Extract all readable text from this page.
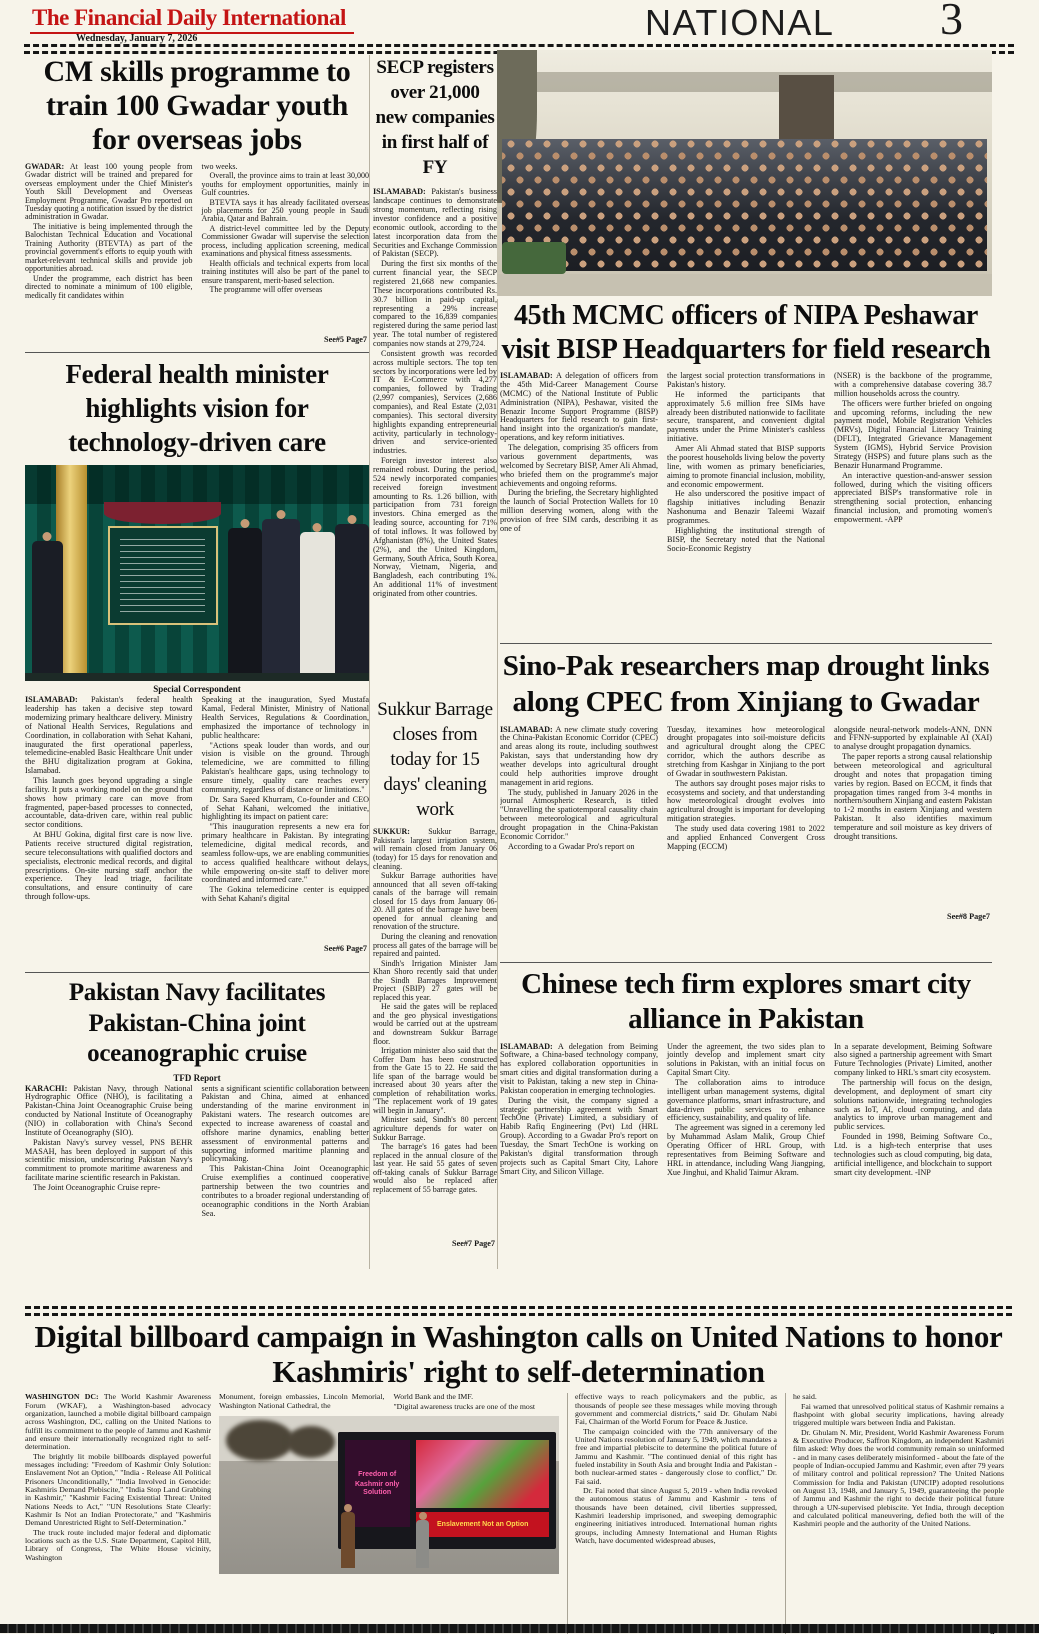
The Financial Daily International
Wednesday, January 7, 2026	NATIONAL 3
CM skills programme to train 100 Gwadar youth for overseas jobs

GWADAR: At least 100 young people from Gwadar district will be trained and prepared for overseas employment under the Chief Minister's Youth Skill Development and Overseas Employment Programme, Gwadar Pro reported on Tuesday quoting a notification issued by the district administration in Gwadar.

The initiative is being implemented through the Balochistan Technical Education and Vocational Training Authority (BTEVTA) as part of the provincial government's efforts to equip youth with market-relevant technical skills and provide job opportunities abroad.

Under the programme, each district has been directed to nominate a minimum of 100 eligible, medically fit candidates within

two weeks.

Overall, the province aims to train at least 30,000 youths for employment opportunities, mainly in Gulf countries.

BTEVTA says it has already facilitated overseas job placements for 250 young people in Saudi Arabia, Qatar and Bahrain.

A district-level committee led by the Deputy Commissioner Gwadar will supervise the selection process, including application screening, medical examinations and physical fitness assessments.

Health officials and technical experts from local training institutes will also be part of the panel to ensure transparent, merit-based selection.

The programme will offer overseas

See#5 Page7
SECP registers over 21,000 new companies in first half of FY

ISLAMABAD: Pakistan's business landscape continues to demonstrate strong momentum, reflecting rising investor confidence and a positive economic outlook, according to the latest incorporation data from the Securities and Exchange Commission of Pakistan (SECP).

During the first six months of the current financial year, the SECP registered 21,668 new companies. These incorporations contributed Rs. 30.7 billion in paid-up capital, representing a 29% increase compared to the 16,839 companies registered during the same period last year. The total number of registered companies now stands at 279,724.

Consistent growth was recorded across multiple sectors. The top ten sectors by incorporations were led by IT & E-Commerce with 4,277 companies, followed by Trading (2,997 companies), Services (2,686 companies), and Real Estate (2,031 companies). This sectoral diversity highlights expanding entrepreneurial activity, particularly in technology-driven and service-oriented industries.

Foreign investor interest also remained robust. During the period, 524 newly incorporated companies received foreign investment amounting to Rs. 1.26 billion, with participation from 731 foreign investors. China emerged as the leading source, accounting for 71% of total inflows. It was followed by Afghanistan (8%), the United States (2%), and the United Kingdom, Germany, South Africa, South Korea, Norway, Vietnam, Nigeria, and Bangladesh, each contributing 1%. An additional 11% of investment originated from other countries.

45th MCMC officers of NIPA Peshawar visit BISP Headquarters for field research

ISLAMABAD: A delegation of officers from the 45th Mid-Career Management Course (MCMC) of the National Institute of Public Administration (NIPA), Peshawar, visited the Benazir Income Support Programme (BISP) Headquarters for field research to gain first-hand insight into the organization's mandate, operations, and key reform initiatives.

The delegation, comprising 35 officers from various government departments, was welcomed by Secretary BISP, Amer Ali Ahmad, who briefed them on the programme's major achievements and ongoing reforms.

During the briefing, the Secretary highlighted the launch of Social Protection Wallets for 10 million deserving women, along with the provision of free SIM cards, describing it as one of

the largest social protection transformations in Pakistan's history.

He informed the participants that approximately 5.6 million free SIMs have already been distributed nationwide to facilitate secure, transparent, and convenient digital payments under the Prime Minister's cashless initiative.

Amer Ali Ahmad stated that BISP supports the poorest households living below the poverty line, with women as primary beneficiaries, aiming to promote financial inclusion, mobility, and economic empowerment.

He also underscored the positive impact of flagship initiatives including Benazir Nashonuma and Benazir Taleemi Wazaif programmes.

Highlighting the institutional strength of BISP, the Secretary noted that the National Socio-Economic Registry

(NSER) is the backbone of the programme, with a comprehensive database covering 38.7 million households across the country.

The officers were further briefed on ongoing and upcoming reforms, including the new payment model, Mobile Registration Vehicles (MRVs), Digital Financial Literacy Training (DFLT), Integrated Grievance Management System (IGMS), Hybrid Service Provision Strategy (HSPS) and future plans such as the Benazir Hunarmand Programme.

An interactive question-and-answer session followed, during which the visiting officers appreciated BISP's transformative role in strengthening social protection, enhancing financial inclusion, and promoting women's empowerment. -APP

Federal health minister highlights vision for technology-driven care
Special Correspondent

ISLAMABAD: Pakistan's federal health leadership has taken a decisive step toward modernizing primary healthcare delivery. Ministry of National Health Services, Regulations and Coordination, in collaboration with Sehat Kahani, inaugurated the first operational paperless, telemedicine-enabled Basic Healthcare Unit under the BHU digitalization program at Gokina, Islamabad.

This launch goes beyond upgrading a single facility. It puts a working model on the ground that shows how primary care can move from fragmented, paper-based processes to connected, accountable, data-driven care, within real public sector conditions.

At BHU Gokina, digital first care is now live. Patients receive structured digital registration, secure teleconsultations with qualified doctors and specialists, electronic medical records, and digital prescriptions. On-site nursing staff anchor the experience. They lead triage, facilitate consultations, and ensure continuity of care through follow-ups.

Speaking at the inauguration, Syed Mustafa Kamal, Federal Minister, Ministry of National Health Services, Regulations & Coordination, emphasized the importance of technology in public healthcare:

"Actions speak louder than words, and our vision is visible on the ground. Through telemedicine, we are committed to filling Pakistan's healthcare gaps, using technology to ensure timely, quality care reaches every community, regardless of distance or limitations."

Dr. Sara Saeed Khurram, Co-founder and CEO of Sehat Kahani, welcomed the initiative, highlighting its impact on patient care:

"This inauguration represents a new era for primary healthcare in Pakistan. By integrating telemedicine, digital medical records, and seamless follow-ups, we are enabling communities to access qualified healthcare without delays, while empowering on-site staff to deliver more coordinated and informed care."

The Gokina telemedicine center is equipped with Sehat Kahani's digital

See#6 Page7
Sukkur Barrage closes from today for 15 days' cleaning work

SUKKUR: Sukkur Barrage, Pakistan's largest irrigation system, will remain closed from January 06 (today) for 15 days for renovation and cleaning.

Sukkur Barrage authorities have announced that all seven off-taking canals of the barrage will remain closed for 15 days from January 06-20. All gates of the barrage have been opened for annual cleaning and renovation of the structure.

During the cleaning and renovation process all gates of the barrage will be repaired and painted.

Sindh's Irrigation Minister Jam Khan Shoro recently said that under the Sindh Barrages Improvement Project (SBIP) 27 gates will be replaced this year.

He said the gates will be replaced and the geo physical investigations would be carried out at the upstream and downstream Sukkur Barrage floor.

Irrigation minister also said that the Coffer Dam has been constructed from the Gate 15 to 22. He said the life span of the barrage would be increased about 30 years after the completion of rehabilitation works. "The replacement work of 19 gates will begin in January".

Minister said, Sindh's 80 percent agriculture depends for water on Sukkur Barrage.

The barrage's 16 gates had been replaced in the annual closure of the last year. He said 55 gates of seven off-taking canals of Sukkur Barrage would also be replaced after replacement of 55 barrage gates.

See#7 Page7
Sino-Pak researchers map drought links along CPEC from Xinjiang to Gwadar

ISLAMABAD: A new climate study covering the China-Pakistan Economic Corridor (CPEC) and areas along its route, including southwest Pakistan, says that understanding how dry weather develops into agricultural drought could help authorities improve drought management in arid regions.

The study, published in January 2026 in the journal Atmospheric Research, is titled "Unravelling the spatiotemporal causality chain between meteorological and agricultural drought propagation in the China-Pakistan Economic Corridor."

According to a Gwadar Pro's report on

Tuesday, itexamines how meteorological drought propagates into soil-moisture deficits and agricultural drought along the CPEC corridor, which the authors describe as stretching from Kashgar in Xinjiang to the port of Gwadar in southwestern Pakistan.

The authors say drought poses major risks to ecosystems and society, and that understanding how meteorological drought evolves into agricultural drought is important for developing mitigation strategies.

The study used data covering 1981 to 2022 and applied Enhanced Convergent Cross Mapping (ECCM)

alongside neural-network models-ANN, DNN and FFNN-supported by explainable AI (XAI) to analyse drought propagation dynamics.

The paper reports a strong causal relationship between meteorological and agricultural drought and notes that propagation timing varies by region. Based on ECCM, it finds that propagation times ranged from 3-4 months in northern/southern Xinjiang and eastern Pakistan to 1-2 months in eastern Xinjiang and western Pakistan. It also identifies maximum temperature and soil moisture as key drivers of drought transitions.

See#8 Page7
Pakistan Navy facilitates Pakistan-China joint oceanographic cruise
TFD Report

KARACHI: Pakistan Navy, through National Hydrographic Office (NHO), is facilitating a Pakistan-China Joint Oceanographic Cruise being conducted by National Institute of Oceanography (NIO) in collaboration with China's Second Institute of Oceanography (SIO).

Pakistan Navy's survey vessel, PNS BEHR MASAH, has been deployed in support of this scientific mission, underscoring Pakistan Navy's commitment to promote maritime awareness and facilitate marine scientific research in Pakistan.

The Joint Oceanographic Cruise repre-

sents a significant scientific collaboration between Pakistan and China, aimed at enhanced understanding of the marine environment in Pakistani waters. The research outcomes are expected to increase awareness of coastal and offshore marine dynamics, enabling better assessment of environmental patterns and supporting informed maritime planning and policymaking.

This Pakistan-China Joint Oceanographic Cruise exemplifies a continued cooperative partnership between the two countries and contributes to a broader regional understanding of oceanographic conditions in the North Arabian Sea.

Chinese tech firm explores smart city alliance in Pakistan

ISLAMABAD: A delegation from Beiming Software, a China-based technology company, has explored collaboration opportunities in smart cities and digital transformation during a visit to Pakistan, taking a new step in China-Pakistan cooperation in emerging technologies.

During the visit, the company signed a strategic partnership agreement with Smart TechOne (Private) Limited, a subsidiary of Habib Rafiq Engineering (Pvt) Ltd (HRL Group). According to a Gwadar Pro's report on Tuesday, the Smart TechOne is working on Pakistan's digital transformation through projects such as Capital Smart City, Lahore Smart City, and Silicon Village.

Under the agreement, the two sides plan to jointly develop and implement smart city solutions in Pakistan, with an initial focus on Capital Smart City.

The collaboration aims to introduce intelligent urban management systems, digital governance platforms, smart infrastructure, and data-driven public services to enhance efficiency, sustainability, and quality of life.

The agreement was signed in a ceremony led by Muhammad Aslam Malik, Group Chief Operating Officer of HRL Group, with representatives from Beiming Software and HRL in attendance, including Wang Jiangping, Xue Jinghui, and Khalid Taimur Akram.

In a separate development, Beiming Software also signed a partnership agreement with Smart Future Technologies (Private) Limited, another company linked to HRL's smart city ecosystem.

The partnership will focus on the design, development, and deployment of smart city solutions nationwide, integrating technologies such as IoT, AI, cloud computing, and data analytics to improve urban management and public services.

Founded in 1998, Beiming Software Co., Ltd. is a high-tech enterprise that uses technologies such as cloud computing, big data, artificial intelligence, and blockchain to support smart city development. -INP

Digital billboard campaign in Washington calls on United Nations to honor Kashmiris' right to self-determination

WASHINGTON DC: The World Kashmir Awareness Forum (WKAF), a Washington-based advocacy organization, launched a mobile digital billboard campaign across Washington, DC, calling on the United Nations to fulfill its commitment to the people of Jammu and Kashmir and ensure their internationally recognized right to self-determination.

The brightly lit mobile billboards displayed powerful messages including: "Freedom of Kashmir Only Solution: Enslavement Not an Option," "India - Release All Political Prisoners Unconditionally," "India Involved in Genocide: Kashmiris Demand Plebiscite," "India Stop Land Grabbing in Kashmir," "Kashmir Facing Existential Threat: United Nations Needs to Act," "UN Resolutions State Clearly: Kashmir Is Not an Indian Protectorate," and "Kashmiris Demand Unrestricted Right to Self-Determination."

The truck route included major federal and diplomatic locations such as the U.S. State Department, Capitol Hill, Library of Congress, The White House vicinity, Washington

Monument, foreign embassies, Lincoln Memorial, Washington National Cathedral, the

World Bank and the IMF.

"Digital awareness trucks are one of the most

Freedom of
Kashmir only Solution
Enslavement Not an Option

effective ways to reach policymakers and the public, as thousands of people see these messages while moving through government and commercial districts," said Dr. Ghulam Nabi Fai, Chairman of the World Forum for Peace & Justice.

The campaign coincided with the 77th anniversary of the United Nations resolution of January 5, 1949, which mandates a free and impartial plebiscite to determine the political future of Jammu and Kashmir. "The continued denial of this right has fueled instability in South Asia and brought India and Pakistan - both nuclear-armed states - dangerously close to conflict," Dr. Fai said.

Dr. Fai noted that since August 5, 2019 - when India revoked the autonomous status of Jammu and Kashmir - tens of thousands have been detained, civil liberties suppressed, Kashmiri leadership imprisoned, and sweeping demographic engineering initiatives introduced. International human rights groups, including Amnesty International and Human Rights Watch, have documented widespread abuses,

he said.

Fai warned that unresolved political status of Kashmir remains a flashpoint with global security implications, having already triggered multiple wars between India and Pakistan.

Dr. Ghulam N. Mir, President, World Kashmir Awareness Forum & Executive Producer, Saffron Kingdom, an independent Kashmiri film asked: Why does the world community remain so uninformed - and in many cases deliberately misinformed - about the fate of the people of Indian-occupied Jammu and Kashmir, even after 79 years of military control and political repression? The United Nations Commission for India and Pakistan (UNCIP) adopted resolutions on August 13, 1948, and January 5, 1949, guaranteeing the people of Jammu and Kashmir the right to decide their political future through a UN-supervised plebiscite. Yet India, through deception and calculated political maneuvering, defied both the will of the Kashmiri people and the authority of the United Nations.
